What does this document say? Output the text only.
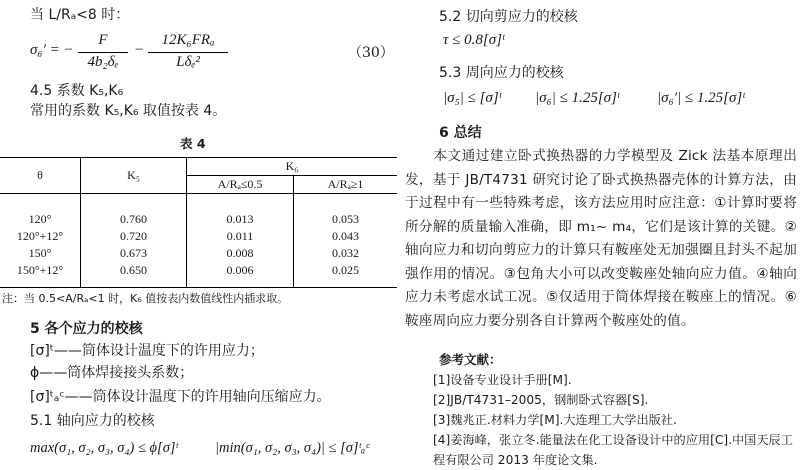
当 L/Rₐ<8 时：
σ₆′ = −
F
4b₂δₑ
−
12K₆FRₐ
Lδₑ²
（30）
4.5 系数 K₅,K₆
常用的系数 K₅,K₆ 取值按表 4。
表 4
θ	K₅	K₆	
		A/Rₐ≤0.5	A/Rₐ≥1

120°	0.760	0.013	0.053
120°+12°	0.720	0.011	0.043
150°	0.673	0.008	0.032
150°+12°	0.650	0.006	0.025
注：当 0.5<A/Rₐ<1 时，K₆ 值按表内数值线性内插求取。
5 各个应力的校核
[σ]ᵗ——筒体设计温度下的许用应力；
ϕ——筒体焊接接头系数；
[σ]ᵗₐᶜ——筒体设计温度下的许用轴向压缩应力。
5.1 轴向应力的校核
max(σ₁, σ₂, σ₃, σ₄) ≤ ϕ[σ]ᵗ	|min(σ₁, σ₂, σ₃, σ₄)| ≤ [σ]ᵗₐᶜ
5.2 切向剪应力的校核
τ ≤ 0.8[σ]ᵗ
5.3 周向应力的校核
|σ₅| ≤ [σ]ᵗ |σ₆| ≤ 1.25[σ]ᵗ	|σ₆′| ≤ 1.25[σ]ᵗ
6 总结
本文通过建立卧式换热器的力学模型及 Zick 法基本原理出发，基于 JB/T4731 研究讨论了卧式换热器壳体的计算方法，由于过程中有一些特殊考虑，该方法应用时应注意：①计算时要将所分解的质量输入准确，即 m₁~ m₄，它们是该计算的关键。②轴向应力和切向剪应力的计算只有鞍座处无加强圈且封头不起加强作用的情况。③包角大小可以改变鞍座处轴向应力值。④轴向应力未考虑水试工况。⑤仅适用于筒体焊接在鞍座上的情况。⑥鞍座周向应力要分别各自计算两个鞍座处的值。
参考文献：
[1]设备专业设计手册[M].
[2]JB/T4731–2005，钢制卧式容器[S].
[3]魏兆正.材料力学[M].大连理工大学出版社.
[4]姜海峰，张立冬.能量法在化工设备设计中的应用[C].中国天辰工程有限公司 2013 年度论文集.
